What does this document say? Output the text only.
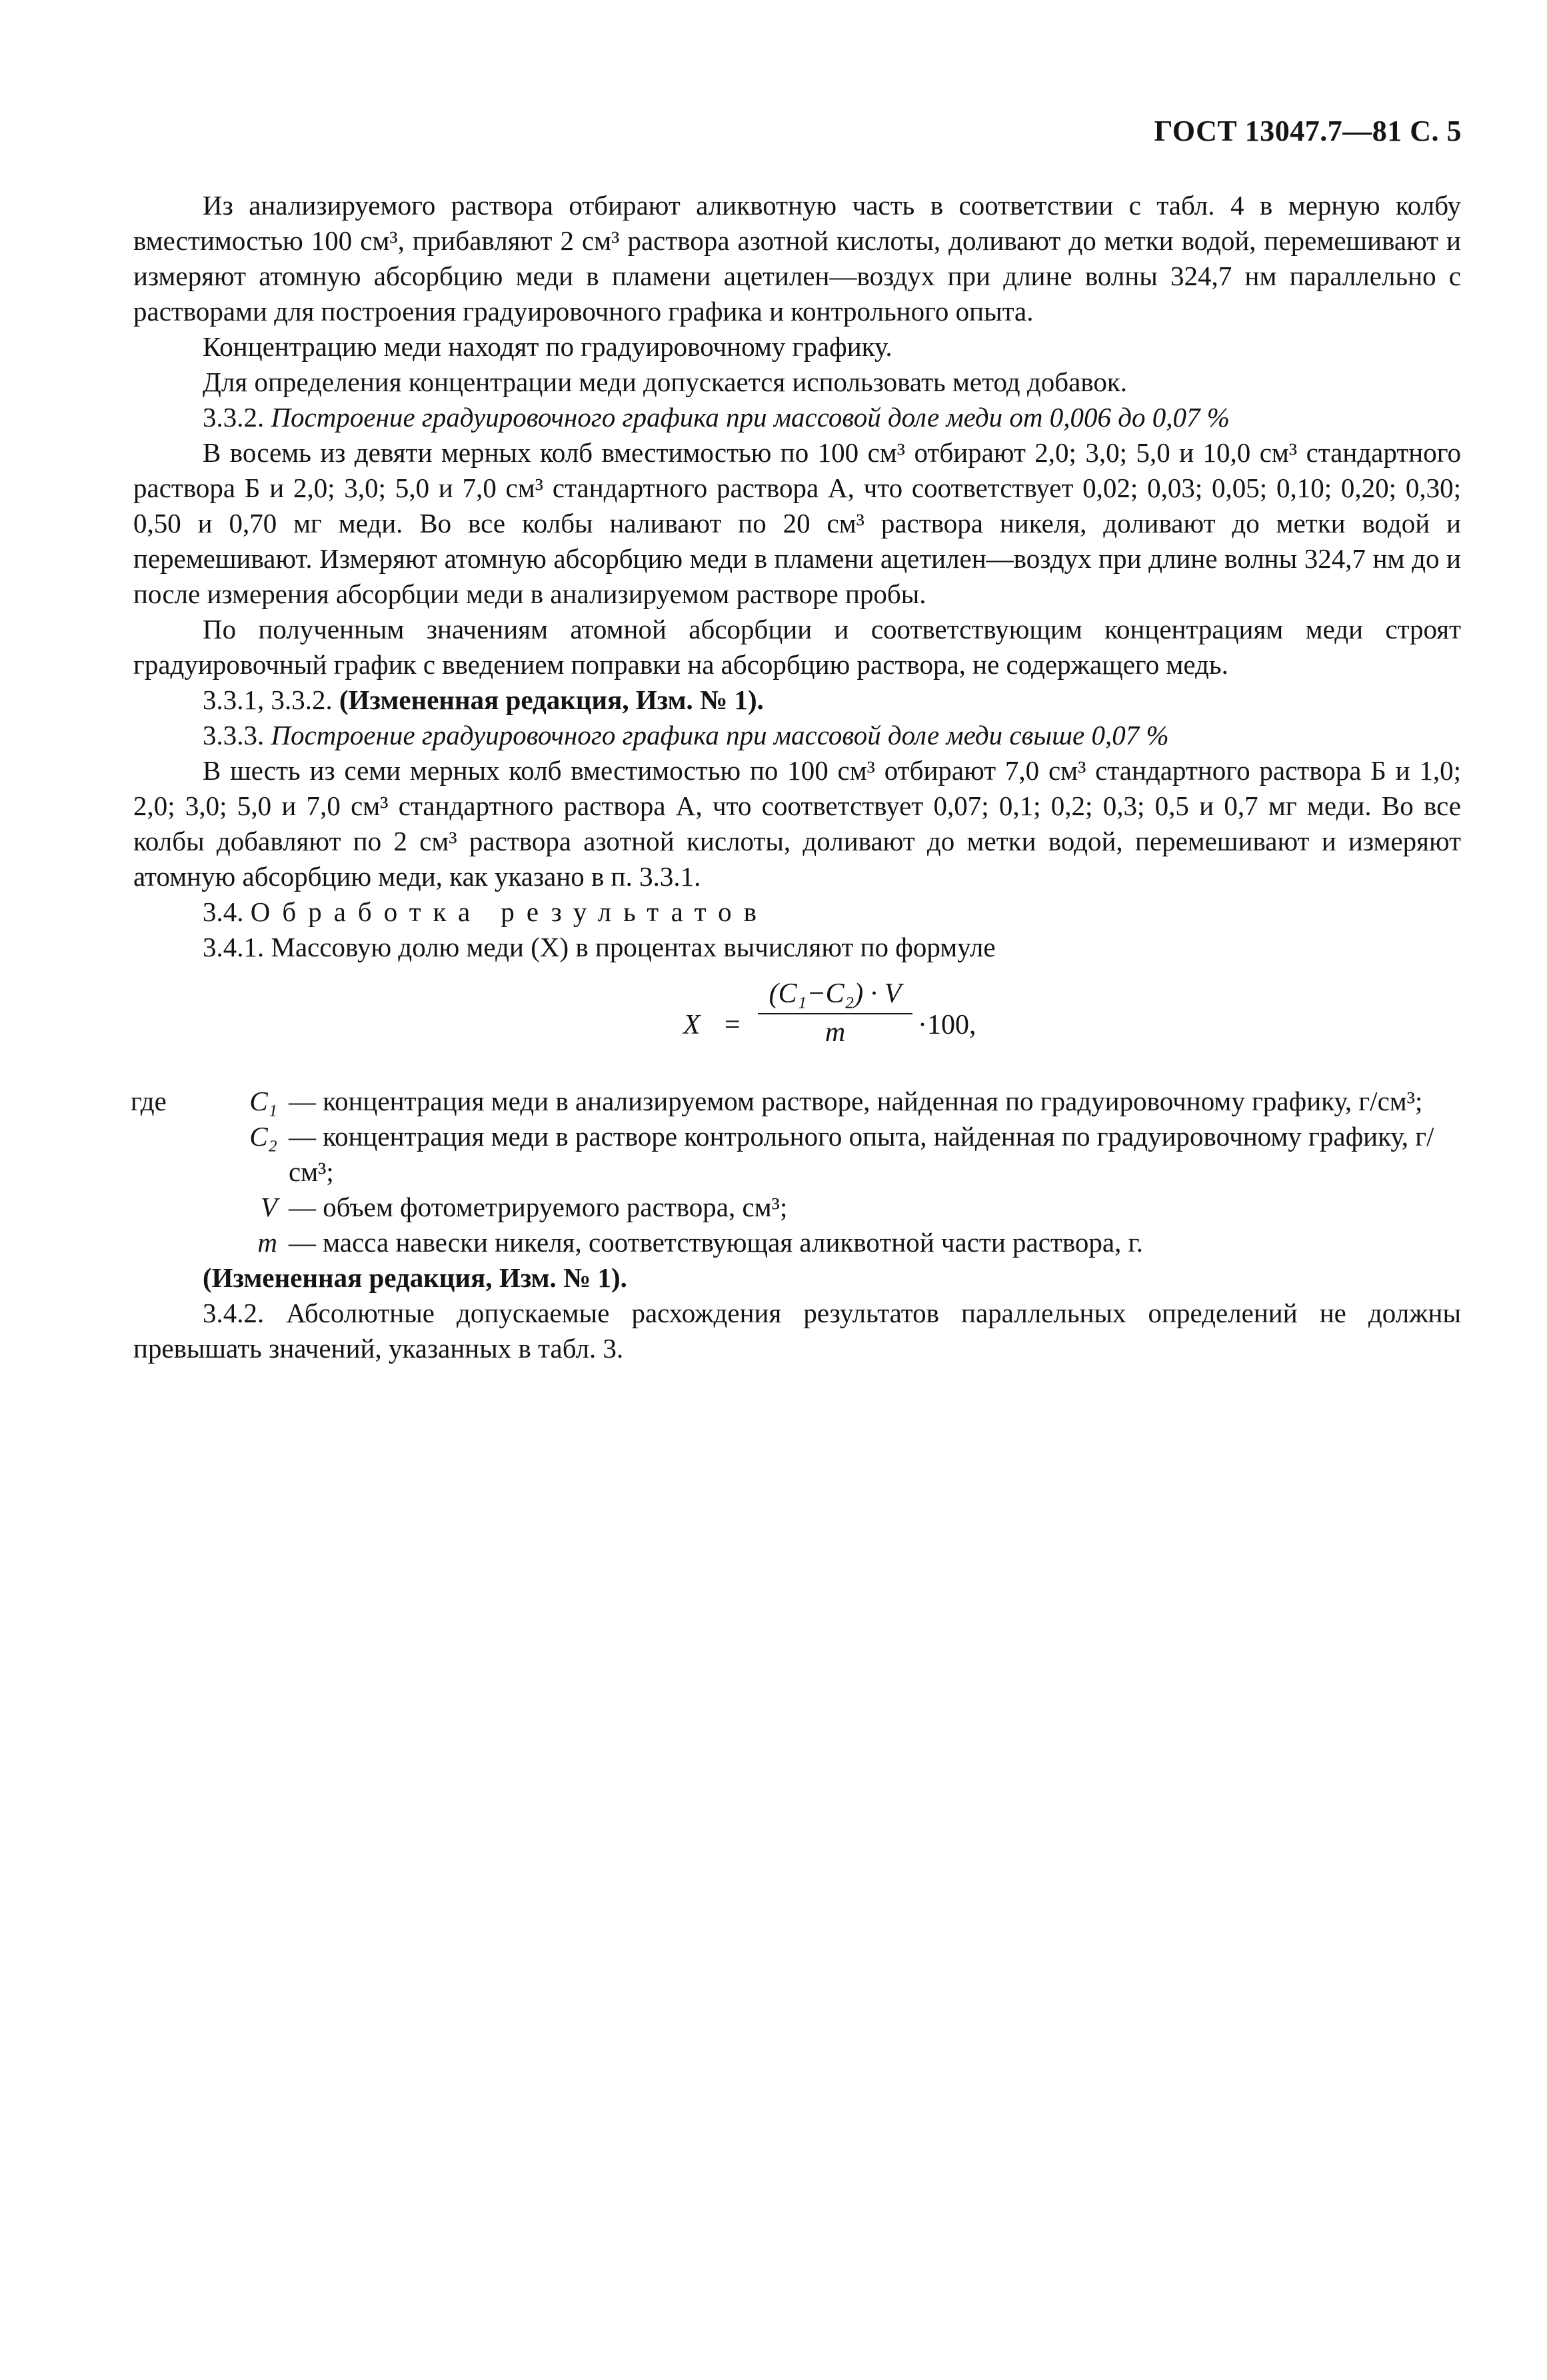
ГОСТ 13047.7—81 С. 5

Из анализируемого раствора отбирают аликвотную часть в соответствии с табл. 4 в мерную колбу вместимостью 100 см³, прибавляют 2 см³ раствора азотной кислоты, доливают до метки водой, перемешивают и измеряют атомную абсорбцию меди в пламени ацетилен—воздух при длине волны 324,7 нм параллельно с растворами для построения градуировочного графика и контрольного опыта.

Концентрацию меди находят по градуировочному графику.

Для определения концентрации меди допускается использовать метод добавок.

3.3.2. Построение градуировочного графика при массовой доле меди от 0,006 до 0,07 %

В восемь из девяти мерных колб вместимостью по 100 см³ отбирают 2,0; 3,0; 5,0 и 10,0 см³ стандартного раствора Б и 2,0; 3,0; 5,0 и 7,0 см³ стандартного раствора А, что соответствует 0,02; 0,03; 0,05; 0,10; 0,20; 0,30; 0,50 и 0,70 мг меди. Во все колбы наливают по 20 см³ раствора никеля, доливают до метки водой и перемешивают. Измеряют атомную абсорбцию меди в пламени ацетилен—воздух при длине волны 324,7 нм до и после измерения абсорбции меди в анализируемом растворе пробы.

По полученным значениям атомной абсорбции и соответствующим концентрациям меди строят градуировочный график с введением поправки на абсорбцию раствора, не содержащего медь.

3.3.1, 3.3.2. (Измененная редакция, Изм. № 1).

3.3.3. Построение градуировочного графика при массовой доле меди свыше 0,07 %

В шесть из семи мерных колб вместимостью по 100 см³ отбирают 7,0 см³ стандартного раствора Б и 1,0; 2,0; 3,0; 5,0 и 7,0 см³ стандартного раствора А, что соответствует 0,07; 0,1; 0,2; 0,3; 0,5 и 0,7 мг меди. Во все колбы добавляют по 2 см³ раствора азотной кислоты, доливают до метки водой, перемешивают и измеряют атомную абсорбцию меди, как указано в п. 3.3.1.

3.4. Обработка результатов

3.4.1. Массовую долю меди (X) в процентах вычисляют по формуле

X =
(C₁−C₂) · V
m	·100,
где	C₁ — концентрация меди в анализируемом растворе, найденная по градуировочному графику, г/см³;
C₂ — концентрация меди в растворе контрольного опыта, найденная по градуировочному графику, г/см³;
V — объем фотометрируемого раствора, см³;
m — масса навески никеля, соответствующая аликвотной части раствора, г.

(Измененная редакция, Изм. № 1).

3.4.2. Абсолютные допускаемые расхождения результатов параллельных определений не должны превышать значений, указанных в табл. 3.
